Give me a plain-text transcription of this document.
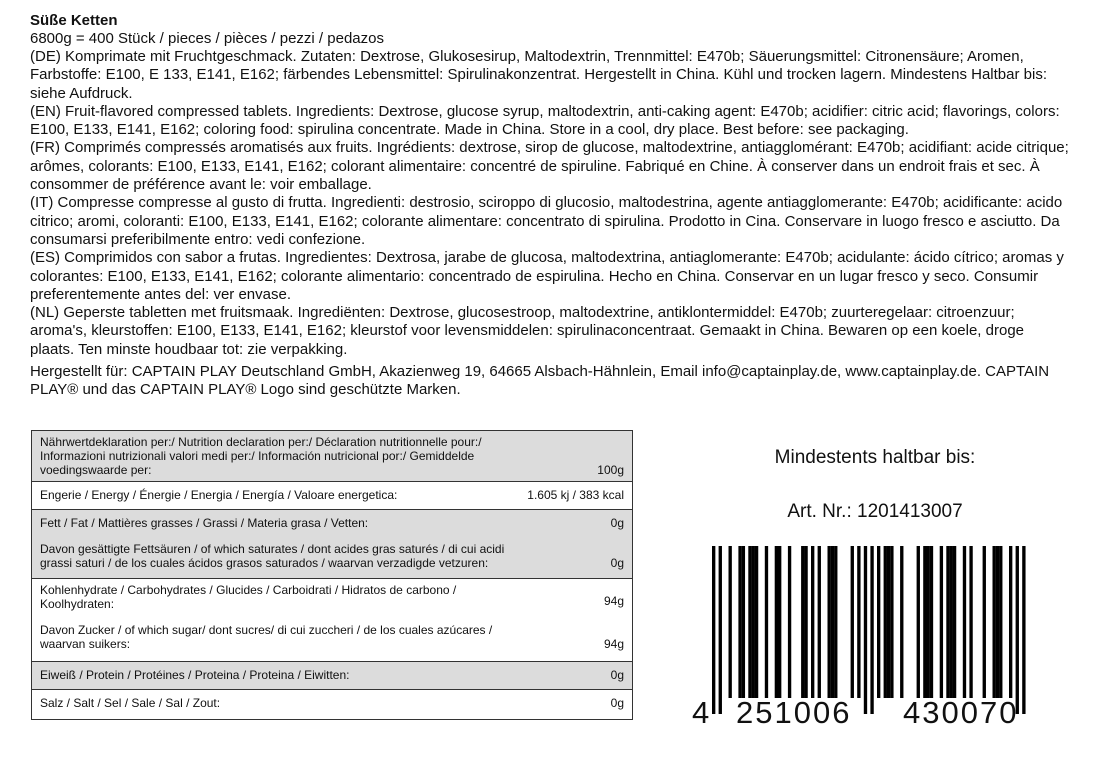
Süße Ketten
6800g = 400 Stück / pieces / pièces / pezzi / pedazos
(DE) Komprimate mit Fruchtgeschmack. Zutaten: Dextrose, Glukosesirup, Maltodextrin, Trennmittel: E470b; Säuerungsmittel: Citronensäure; Aromen, Farbstoffe: E100, E 133, E141, E162; färbendes Lebensmittel: Spirulinakonzentrat. Hergestellt in China. Kühl und trocken lagern. Mindestens Haltbar bis: siehe Aufdruck.
(EN) Fruit-flavored compressed tablets. Ingredients: Dextrose, glucose syrup, maltodextrin, anti-caking agent: E470b; acidifier: citric acid; flavorings, colors: E100, E133, E141, E162; coloring food: spirulina concentrate. Made in China. Store in a cool, dry place. Best before: see packaging.
(FR) Comprimés compressés aromatisés aux fruits. Ingrédients: dextrose, sirop de glucose, maltodextrine, antiagglomérant: E470b; acidifiant: acide citrique; arômes, colorants: E100, E133, E141, E162; colorant alimentaire: concentré de spiruline. Fabriqué en Chine. À conserver dans un endroit frais et sec. À consommer de préférence avant le: voir emballage.
(IT) Compresse compresse al gusto di frutta. Ingredienti: destrosio, sciroppo di glucosio, maltodestrina, agente antiagglomerante: E470b; acidificante: acido citrico; aromi, coloranti: E100, E133, E141, E162; colorante alimentare: concentrato di spirulina. Prodotto in Cina. Conservare in luogo fresco e asciutto. Da consumarsi preferibilmente entro: vedi confezione.
(ES) Comprimidos con sabor a frutas. Ingredientes: Dextrosa, jarabe de glucosa, maltodextrina, antiaglomerante: E470b; acidulante: ácido cítrico; aromas y colorantes: E100, E133, E141, E162; colorante alimentario: concentrado de espirulina. Hecho en China. Conservar en un lugar fresco y seco. Consumir preferentemente antes del: ver envase.
(NL) Geperste tabletten met fruitsmaak. Ingrediënten: Dextrose, glucosestroop, maltodextrine, antiklontermiddel: E470b; zuurteregelaar: citroenzuur; aroma's, kleurstoffen: E100, E133, E141, E162; kleurstof voor levensmiddelen: spirulinaconcentraat. Gemaakt in China. Bewaren op een koele, droge plaats. Ten minste houdbaar tot: zie verpakking.
Hergestellt für: CAPTAIN PLAY Deutschland GmbH, Akazienweg 19, 64665 Alsbach-Hähnlein, Email info@captainplay.de, www.captainplay.de. CAPTAIN PLAY® und das CAPTAIN PLAY® Logo sind geschützte Marken.
Nährwertdeklaration per:/ Nutrition declaration per:/ Déclaration nutritionnelle pour:/ Informazioni nutrizionali valori medi per:/ Información nutricional por:/ Gemiddelde voedingswaarde per:	100g
Engerie / Energy / Énergie / Energia / Energía / Valoare energetica:	1.605 kj / 383 kcal
Fett / Fat / Mattières grasses / Grassi / Materia grasa / Vetten:	0g
Davon gesättigte Fettsäuren / of which saturates / dont acides gras saturés / di cui acidi grassi saturi / de los cuales ácidos grasos saturados / waarvan verzadigde vetzuren:	0g
Kohlenhydrate / Carbohydrates / Glucides / Carboidrati / Hidratos de carbono / Koolhydraten:	94g
Davon Zucker / of which sugar/ dont sucres/ di cui zuccheri / de los cuales azúcares / waarvan suikers:	94g
Eiweiß / Protein / Protéines / Proteina / Proteina / Eiwitten:	0g
Salz / Salt / Sel / Sale / Sal / Zout:	0g
Mindestents haltbar bis:
Art. Nr.: 1201413007
4 251006 430070
